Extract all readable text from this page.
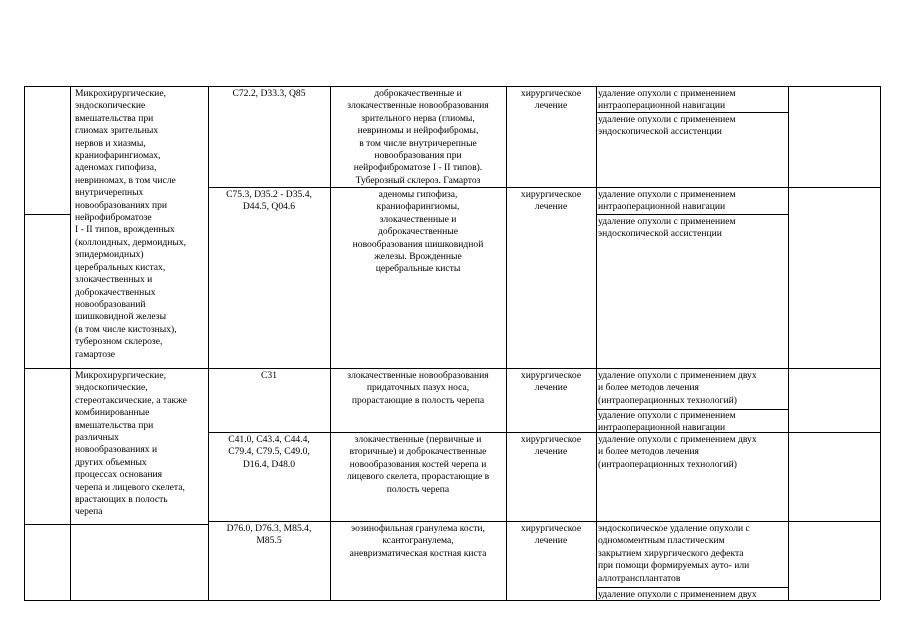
Микрохирургические,
эндоскопические
вмешательства при
глиомах зрительных
нервов и хиазмы,
краниофарингиомах,
аденомах гипофиза,
невриномах, в том числе
внутричерепных
новообразованиях при
нейрофиброматозе
I - II типов, врожденных
(коллоидных, дермоидных,
эпидермоидных)
церебральных кистах,
злокачественных и
доброкачественных
новообразований
шишковидной железы
(в том числе кистозных),
туберозном склерозе,
гамартозе
C72.2, D33.3, Q85	доброкачественные и
злокачественные новообразования
зрительного нерва (глиомы,
невриномы и нейрофибромы,
в том числе внутричерепные
новообразования при
нейрофиброматозе I - II типов).
Туберозный склероз. Гамартоз
хирургическое
лечение
удаление опухоли с применением
интраоперационной навигации
удаление опухоли с применением
эндоскопической ассистенции
C75.3, D35.2 - D35.4,
D44.5, Q04.6
аденомы гипофиза,
краниофарингиомы,
злокачественные и
доброкачественные
новообразования шишковидной
железы. Врожденные
церебральные кисты
хирургическое
лечение
удаление опухоли с применением
интраоперационной навигации
удаление опухоли с применением
эндоскопической ассистенции
Микрохирургические,
эндоскопические,
стереотаксические, а также
комбинированные
вмешательства при
различных
новообразованиях и
других объемных
процессах основания
черепа и лицевого скелета,
врастающих в полость
черепа
C31	злокачественные новообразования
придаточных пазух носа,
прорастающие в полость черепа
хирургическое
лечение
удаление опухоли с применением двух
и более методов лечения
(интраоперационных технологий)
удаление опухоли с применением
интраоперационной навигации
C41.0, C43.4, C44.4,
C79.4, C79.5, C49.0,
D16.4, D48.0
злокачественные (первичные и
вторичные) и доброкачественные
новообразования костей черепа и
лицевого скелета, прорастающие в
полость черепа
хирургическое
лечение
удаление опухоли с применением двух
и более методов лечения
(интраоперационных технологий)
D76.0, D76.3, M85.4,
M85.5
эозинофильная гранулема кости,
ксантогранулема,
аневризматическая костная киста
хирургическое
лечение
эндоскопическое удаление опухоли с
одномоментным пластическим
закрытием хирургического дефекта
при помощи формируемых ауто- или
аллотрансплантатов
удаление опухоли с применением двух
